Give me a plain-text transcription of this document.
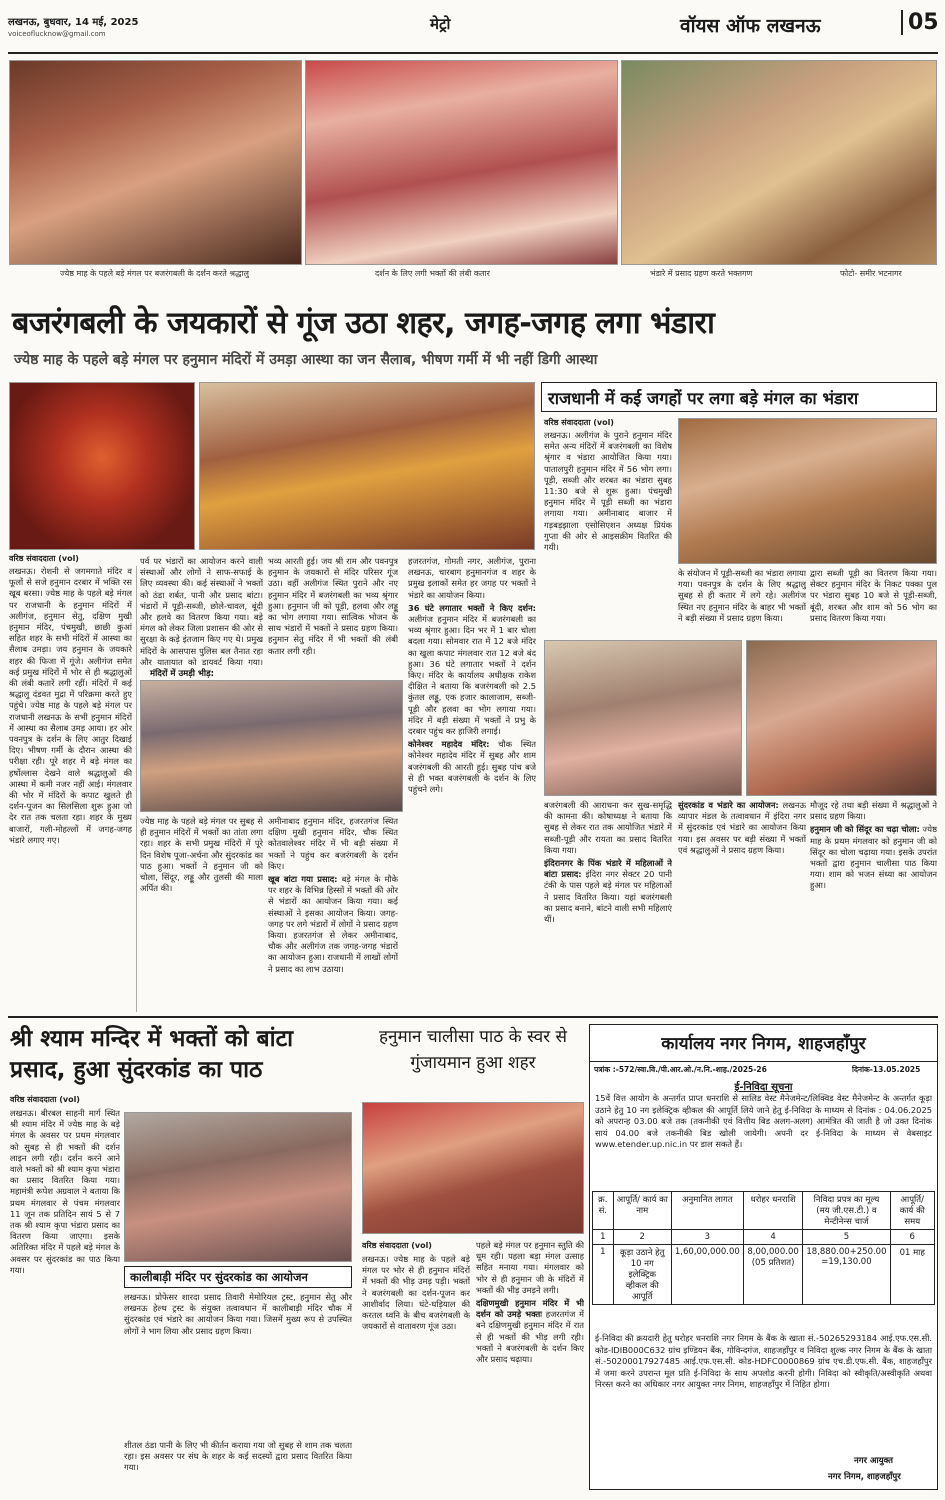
लखनऊ, बुधवार, 14 मई, 2025
voiceoflucknow@gmail.com
मेट्रो	वॉयस ऑफ लखनऊ	05
ज्येष्ठ माह के पहले बड़े मंगल पर बजरंगबली के दर्शन करते श्रद्धालु	दर्शन के लिए लगी भक्तों की लंबी कतार	भंडारे में प्रसाद ग्रहण करते भक्तगण	फोटो- समीर भटनागर
बजरंगबली के जयकारों से गूंज उठा शहर, जगह-जगह लगा भंडारा
ज्येष्ठ माह के पहले बड़े मंगल पर हनुमान मंदिरों में उमड़ा आस्था का जन सैलाब, भीषण गर्मी में भी नहीं डिगी आस्था
वरिष्ठ संवाददाता (vol)

लखनऊ। रोशनी से जगमगाते मंदिर व फूलों से सजे हनुमान दरबार में भक्ति रस खूब बरसा। ज्येष्ठ माह के पहले बड़े मंगल पर राजधानी के हनुमान मंदिरों में अलीगंज, हनुमान सेतु, दक्षिण मुखी हनुमान मंदिर, पंचमुखी, छाछी कुआं सहित शहर के सभी मंदिरों में आस्था का सैलाब उमड़ा। जय हनुमान के जयकारे शहर की फिजा में गूंजे। अलीगंज समेत कई प्रमुख मंदिरों में भोर से ही श्रद्धालुओं की लंबी कतारें लगी रहीं। मंदिरों में कई श्रद्धालु दंडवत मुद्रा में परिक्रमा करते हुए पहुंचे। ज्येष्ठ माह के पहले बड़े मंगल पर राजधानी लखनऊ के सभी हनुमान मंदिरों में आस्था का सैलाब उमड़ आया। हर ओर पवनपुत्र के दर्शन के लिए आतुर दिखाई दिए। भीषण गर्मी के दौरान आस्था की परीक्षा रही। पूरे शहर में बड़े मंगल का हर्षोल्लास देखने वाले श्रद्धालुओं की आस्था में कमी नजर नहीं आई। मंगलवार की भोर में मंदिरों के कपाट खुलते ही दर्शन-पूजन का सिलसिला शुरू हुआ जो देर रात तक चलता रहा। शहर के मुख्य बाजारों, गली-मोहल्लों में जगह-जगह भंडारे लगाए गए।

पर्व पर भंडारों का आयोजन करने वाली संस्थाओं और लोगों ने साफ-सफाई के लिए व्यवस्था की। कई संस्थाओं ने भक्तों को ठंडा शर्बत, पानी और प्रसाद बांटा। भंडारों में पूड़ी-सब्जी, छोले-चावल, बूंदी और हलवे का वितरण किया गया। बड़े मंगल को लेकर जिला प्रशासन की ओर से सुरक्षा के कड़े इंतजाम किए गए थे। प्रमुख मंदिरों के आसपास पुलिस बल तैनात रहा और यातायात को डायवर्ट किया गया।

भव्य आरती हुई। जय श्री राम और पवनपुत्र हनुमान के जयकारों से मंदिर परिसर गूंज उठा। वहीं अलीगंज स्थित पुराने और नए हनुमान मंदिर में बजरंगबली का भव्य श्रृंगार हुआ। हनुमान जी को पूड़ी, हलवा और लड्डू का भोग लगाया गया। सात्विक भोजन के साथ भंडारों में भक्तों ने प्रसाद ग्रहण किया। हनुमान सेतु मंदिर में भी भक्तों की लंबी कतार लगी रही।

मंदिरों में उमड़ी भीड़:

ज्येष्ठ माह के पहले बड़े मंगल पर सुबह से ही हनुमान मंदिरों में भक्तों का तांता लगा रहा। शहर के सभी प्रमुख मंदिरों में पूरे दिन विशेष पूजा-अर्चना और सुंदरकांड का पाठ हुआ। भक्तों ने हनुमान जी को चोला, सिंदूर, लड्डू और तुलसी की माला अर्पित की।

अमीनाबाद हनुमान मंदिर, हजरतगंज स्थित दक्षिण मुखी हनुमान मंदिर, चौक स्थित कोतवालेश्वर मंदिर में भी बड़ी संख्या में भक्तों ने पहुंच कर बजरंगबली के दर्शन किए।

खूब बांटा गया प्रसाद: बड़े मंगल के मौके पर शहर के विभिन्न हिस्सों में भक्तों की ओर से भंडारों का आयोजन किया गया। कई संस्थाओं ने इसका आयोजन किया। जगह-जगह पर लगे भंडारों में लोगों ने प्रसाद ग्रहण किया। हजरतगंज से लेकर अमीनाबाद, चौक और अलीगंज तक जगह-जगह भंडारों का आयोजन हुआ। राजधानी में लाखों लोगों ने प्रसाद का लाभ उठाया।

हजरतगंज, गोमती नगर, अलीगंज, पुराना लखनऊ, चारबाग हनुमानगंज व शहर के प्रमुख इलाकों समेत हर जगह पर भक्तों ने भंडारे का आयोजन किया।

36 घंटे लगातार भक्तों ने किए दर्शन: अलीगंज हनुमान मंदिर में बजरंगबली का भव्य श्रृंगार हुआ। दिन भर में 1 बार चोला बदला गया। सोमवार रात में 12 बजे मंदिर का खुला कपाट मंगलवार रात 12 बजे बंद हुआ। 36 घंटे लगातार भक्तों ने दर्शन किए। मंदिर के कार्यालय अधीक्षक राकेश दीक्षित ने बताया कि बजरंगबली को 2.5 कुंतल लड्डू, एक हजार कालाजाम, सब्जी-पूड़ी और हलवा का भोग लगाया गया। मंदिर में बड़ी संख्या में भक्तों ने प्रभु के दरबार पहुंच कर हाजिरी लगाई।

कोनेश्वर महादेव मंदिर: चौक स्थित कोनेश्वर महादेव मंदिर में सुबह और शाम बजरंगबली की आरती हुई। सुबह पांच बजे से ही भक्त बजरंगबली के दर्शन के लिए पहुंचने लगे।

राजधानी में कई जगहों पर लगा बड़े मंगल का भंडारा
वरिष्ठ संवाददाता (vol)

लखनऊ। अलीगंज के पुराने हनुमान मंदिर समेत अन्य मंदिरों में बजरंगबली का विशेष श्रृंगार व भंडारा आयोजित किया गया। पातालपुरी हनुमान मंदिर में 56 भोग लगा। पूड़ी, सब्जी और शरबत का भंडारा सुबह 11:30 बजे से शुरू हुआ। पंचमुखी हनुमान मंदिर में पूड़ी सब्जी का भंडारा लगाया गया। अमीनाबाद बाजार में गड़बड़झाला एसोसिएशन अध्यक्ष प्रियंक गुप्ता की ओर से आइसक्रीम वितरित की गयी।

के संयोजन में पूड़ी-सब्जी का भंडारा लगाया गया। पवनपुत्र के दर्शन के लिए श्रद्धालु सुबह से ही कतार में लगे रहे। अलीगंज स्थित नए हनुमान मंदिर के बाहर भी भक्तों ने बड़ी संख्या में प्रसाद ग्रहण किया।

द्वारा सब्जी पूड़ी का वितरण किया गया। सेक्टर हनुमान मंदिर के निकट पक्का पुल पर भंडारा सुबह 10 बजे से पूड़ी-सब्जी, बूंदी, शरबत और शाम को 56 भोग का प्रसाद वितरण किया गया।

बजरंगबली की आराधना कर सुख-समृद्धि की कामना की। कोषाध्यक्ष ने बताया कि सुबह से लेकर रात तक आयोजित भंडारे में सब्जी-पूड़ी और रायता का प्रसाद वितरित किया गया।

इंदिरानगर के पिंक भंडारे में महिलाओं ने बांटा प्रसाद: इंदिरा नगर सेक्टर 20 पानी टंकी के पास पहले बड़े मंगल पर महिलाओं ने प्रसाद वितरित किया। यहां बजरंगबली का प्रसाद बनाने, बांटने वाली सभी महिलाएं थीं।

सुंदरकांड व भंडारे का आयोजन: लखनऊ व्यापार मंडल के तत्वावधान में इंदिरा नगर में सुंदरकांड एवं भंडारे का आयोजन किया गया। इस अवसर पर बड़ी संख्या में भक्तों एवं श्रद्धालुओं ने प्रसाद ग्रहण किया।

मौजूद रहे तथा बड़ी संख्या में श्रद्धालुओं ने प्रसाद ग्रहण किया।

हनुमान जी को सिंदूर का चढ़ा चोला: ज्येष्ठ माह के प्रथम मंगलवार को हनुमान जी को सिंदूर का चोला चढ़ाया गया। इसके उपरांत भक्तों द्वारा हनुमान चालीसा पाठ किया गया। शाम को भजन संध्या का आयोजन हुआ।

श्री श्याम मन्दिर में भक्तों को बांटा प्रसाद, हुआ सुंदरकांड का पाठ
वरिष्ठ संवाददाता (vol)

लखनऊ। बीरबल साहनी मार्ग स्थित श्री श्याम मंदिर में ज्येष्ठ माह के बड़े मंगल के अवसर पर प्रथम मंगलवार को सुबह से ही भक्तों की दर्शन लाइन लगी रही। दर्शन करने आने वाले भक्तों को श्री श्याम कृपा भंडारा का प्रसाद वितरित किया गया। महामंत्री रूपेश अग्रवाल ने बताया कि प्रथम मंगलवार से पंचम मंगलवार 11 जून तक प्रतिदिन सायं 5 से 7 तक श्री श्याम कृपा भंडारा प्रसाद का वितरण किया जाएगा। इसके अतिरिक्त मंदिर में पहले बड़े मंगल के अवसर पर सुंदरकांड का पाठ किया गया।

कालीबाड़ी मंदिर पर सुंदरकांड का आयोजन

लखनऊ। प्रोफेसर शारदा प्रसाद तिवारी मेमोरियल ट्रस्ट, हनुमान सेतु और लखनऊ हेल्थ ट्रस्ट के संयुक्त तत्वावधान में कालीबाड़ी मंदिर चौक में सुंदरकांड एवं भंडारे का आयोजन किया गया। जिसमें मुख्य रूप से उपस्थित लोगों ने भाग लिया और प्रसाद ग्रहण किया।

शीतल ठंडा पानी के लिए भी कीर्तन कराया गया जो सुबह से शाम तक चलता रहा। इस अवसर पर संघ के शहर के कई सदस्यों द्वारा प्रसाद वितरित किया गया।

हनुमान चालीसा पाठ के स्वर से गुंजायमान हुआ शहर
वरिष्ठ संवाददाता (vol)

लखनऊ। ज्येष्ठ माह के पहले बड़े मंगल पर भोर से ही हनुमान मंदिरों में भक्तों की भीड़ उमड़ पड़ी। भक्तों ने बजरंगबली का दर्शन-पूजन कर आशीर्वाद लिया। घंटे-घड़ियाल की करतल ध्वनि के बीच बजरंगबली के जयकारों से वातावरण गूंज उठा।

पहले बड़े मंगल पर हनुमान स्तुति की धूम रही। पहला बड़ा मंगल उत्साह सहित मनाया गया। मंगलवार को भोर से ही हनुमान जी के मंदिरों में भक्तों की भीड़ उमड़ने लगी।

दक्षिणमुखी हनुमान मंदिर में भी दर्शन को उमड़े भक्तः हजरतगंज में बने दक्षिणमुखी हनुमान मंदिर में रात से ही भक्तों की भीड़ लगी रही। भक्तों ने बजरंगबली के दर्शन किए और प्रसाद चढ़ाया।

कार्यालय नगर निगम, शाहजहाँपुर
पत्रांक :-572/स्वा.वि./पी.आर.ओ./न.नि.-शाह./2025-26	दिनांक-13.05.2025
ई-निविदा सूचना
15वें वित्त आयोग के अन्तर्गत प्राप्त धनराशि से सालिड वेस्ट मैनेजमेन्ट/लिक्विड वेस्ट मैनेजमेन्ट के अन्तर्गत कूड़ा उठाने हेतु 10 नग इलेक्ट्रिक व्हीकल की आपूर्ति लिये जाने हेतु ई-निविदा के माध्यम से दिनांक : 04.06.2025 को अपरान्ह 03.00 बजे तक (तकनीकी एवं वित्तीय बिड अलग-अलग) आमंत्रित की जाती है जो उक्त दिनांक सायं 04.00 बजे तकनीकी बिड खोली जायेगी। अपनी दर ई-निविदा के माध्यम से वेबसाइट www.etender.up.nic.in पर डाल सकते हैं।
क्र. सं.	आपूर्ति/ कार्य का नाम	अनुमानित लागत	धरोहर धनराशि	निविदा प्रपत्र का मूल्य (मय जी.एस.टी.) व मेन्टीनेन्स चार्ज	आपूर्ति/ कार्य की समय
1	2	3	4	5	6
1	कूड़ा उठाने हेतु 10 नग इलेक्ट्रिक व्हीकल की आपूर्ति	1,60,00,000.00	8,00,000.00 (05 प्रतिशत)	18,880.00+250.00 =19,130.00	01 माह
ई-निविदा की क्रयदारी हेतु धरोहर धनराशि नगर निगम के बैंक के खाता सं.-50265293184 आई.एफ.एस.सी. कोड-IDIB000C632 ग्रांच इण्डियन बैंक, गोविन्दगंज, शाहजहाँपुर व निविदा शुल्क नगर निगम के बैंक के खाता सं.-50200017927485 आई.एफ.एस.सी. कोड-HDFC0000869 ग्रांच एच.डी.एफ.सी. बैंक, शाहजहाँपुर में जमा करने उपरान्त मूल प्रति ई-निविदा के साथ अपलोड करनी होगी। निविदा को स्वीकृति/अस्वीकृति अथवा निरस्त करने का अधिकार नगर आयुक्त नगर निगम, शाहजहाँपुर में निहित होगा।
नगर आयुक्त
नगर निगम, शाहजहाँपुर
